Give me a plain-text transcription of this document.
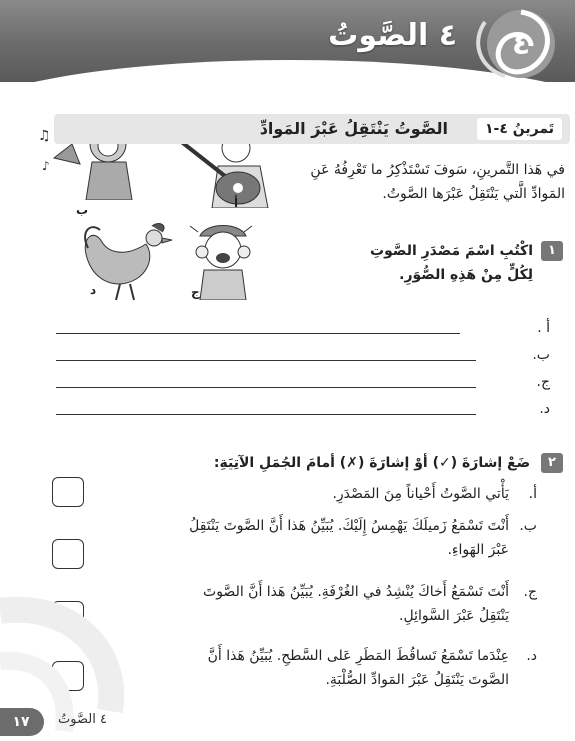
٤
٤ الصَّوتُ
♫
♪
ب	أ
د	ج
تَمرينُ ٤-١
الصَّوتُ يَنْتَقِلُ عَبْرَ المَوادِّ
في هَذا التَّمرينِ، سَوفَ تَسْتَذْكِرُ ما تَعْرِفُهُ عَنِ المَوادِّ الَّتي يَنْتَقِلُ عَبْرَها الصَّوتُ.
١
اكْتُبِ اسْمَ مَصْدَرِ الصَّوتِ لِكُلٍّ مِنْ هَذِهِ الصُّوَرِ.
أ .
ب.
ج.
د.
٢ ضَعْ إشارَةَ (✓) أوْ إشارَةَ (✗) أمامَ الجُمَلِ الآتِيَةِ:
أ.
يَأْتي الصَّوتُ أَحْياناً مِنَ المَصْدَرِ.
ب.
أَنْتَ تَسْمَعُ زَميلَكَ يَهْمِسُ إِلَيْكَ. يُبَيِّنُ هَذا أَنَّ الصَّوتَ يَنْتَقِلُ عَبْرَ الهَواءِ.
ج.
أَنْتَ تَسْمَعُ أَخاكَ يُنْشِدُ في الغُرْفَةِ. يُبَيِّنُ هَذا أَنَّ الصَّوتَ يَنْتَقِلُ عَبْرَ السَّوائِلِ.
د.
عِنْدَما تَسْمَعُ تَساقُطَ المَطَرِ عَلى السَّطحِ. يُبَيِّنُ هَذا أَنَّ الصَّوتَ يَنْتَقِلُ عَبْرَ المَوادِّ الصُّلْبَةِ.
١٧	٤ الصَّوتُ
